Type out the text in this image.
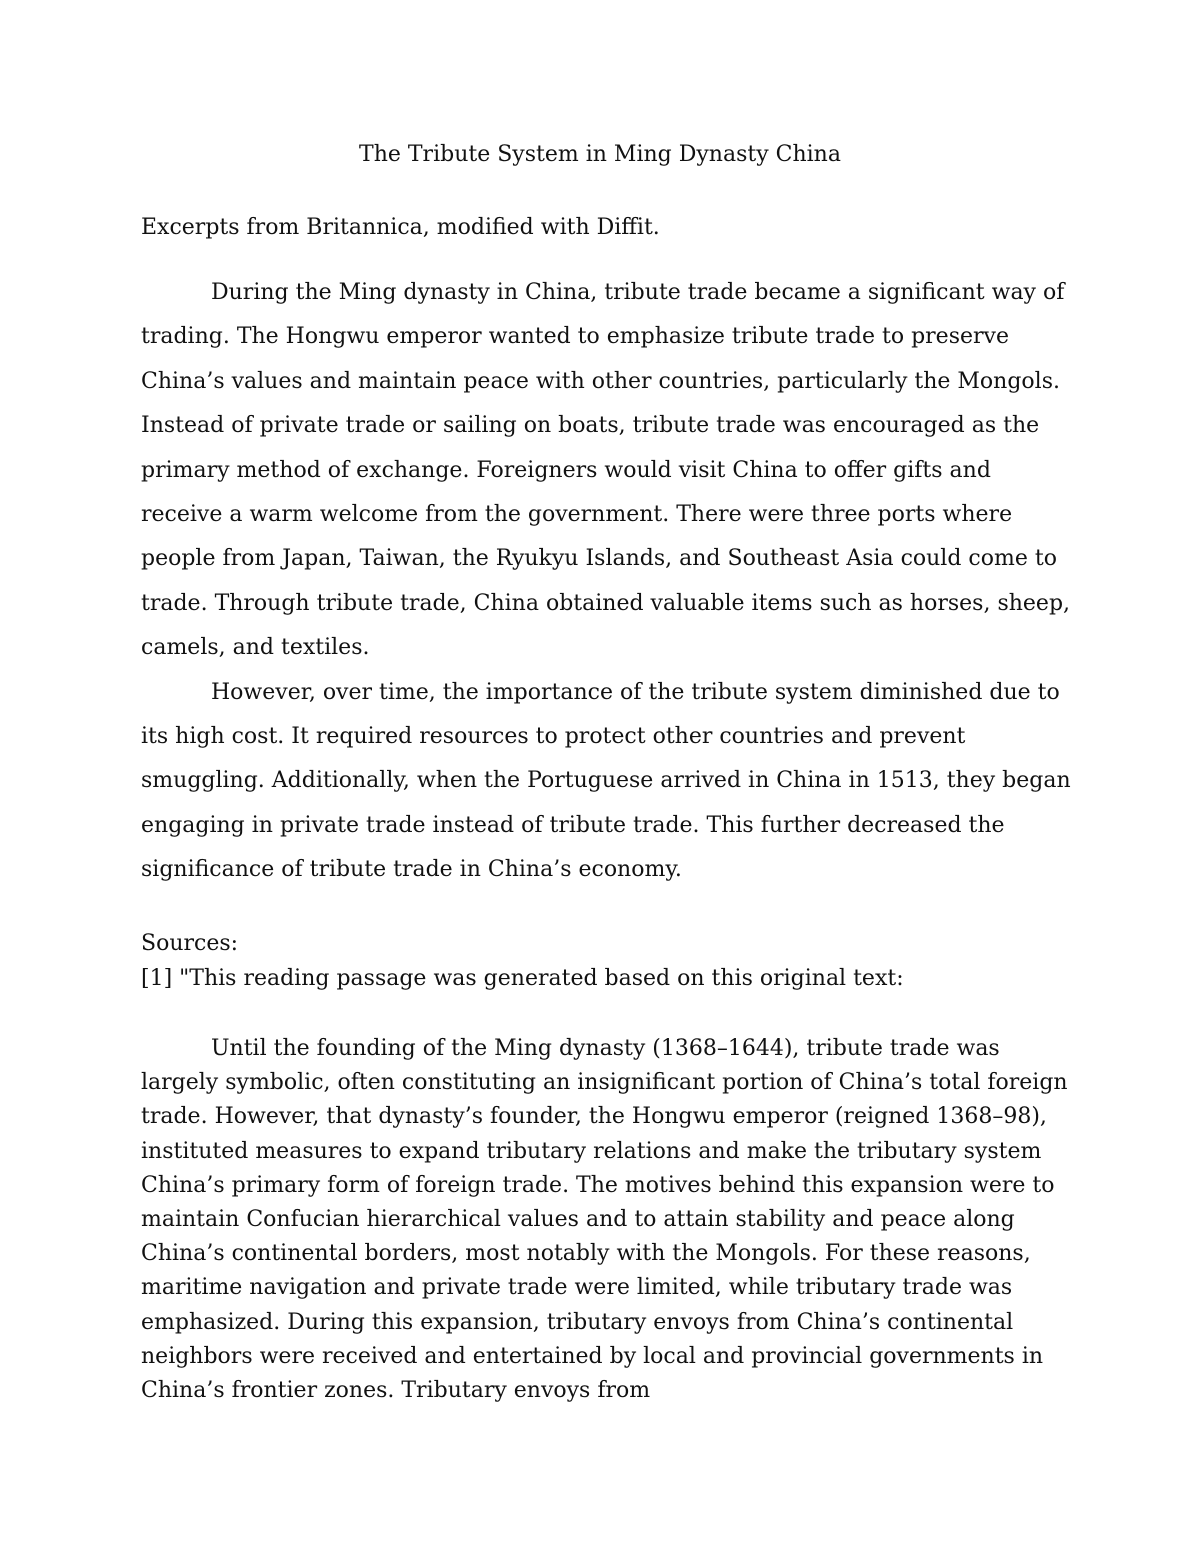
The Tribute System in Ming Dynasty China

Excerpts from Britannica, modified with Diffit.

During the Ming dynasty in China, tribute trade became a significant way of trading. The Hongwu emperor wanted to emphasize tribute trade to preserve China’s values and maintain peace with other countries, particularly the Mongols. Instead of private trade or sailing on boats, tribute trade was encouraged as the primary method of exchange. Foreigners would visit China to offer gifts and receive a warm welcome from the government. There were three ports where people from Japan, Taiwan, the Ryukyu Islands, and Southeast Asia could come to trade. Through tribute trade, China obtained valuable items such as horses, sheep, camels, and textiles.

However, over time, the importance of the tribute system diminished due to its high cost. It required resources to protect other countries and prevent smuggling. Additionally, when the Portuguese arrived in China in 1513, they began engaging in private trade instead of tribute trade. This further decreased the significance of tribute trade in China’s economy.

Sources:

[1] "This reading passage was generated based on this original text:

Until the founding of the Ming dynasty (1368–1644), tribute trade was largely symbolic, often constituting an insignificant portion of China’s total foreign trade. However, that dynasty’s founder, the Hongwu emperor (reigned 1368–98), instituted measures to expand tributary relations and make the tributary system China’s primary form of foreign trade. The motives behind this expansion were to maintain Confucian hierarchical values and to attain stability and peace along China’s continental borders, most notably with the Mongols. For these reasons, maritime navigation and private trade were limited, while tributary trade was emphasized. During this expansion, tributary envoys from China’s continental neighbors were received and entertained by local and provincial governments in China’s frontier zones. Tributary envoys from
